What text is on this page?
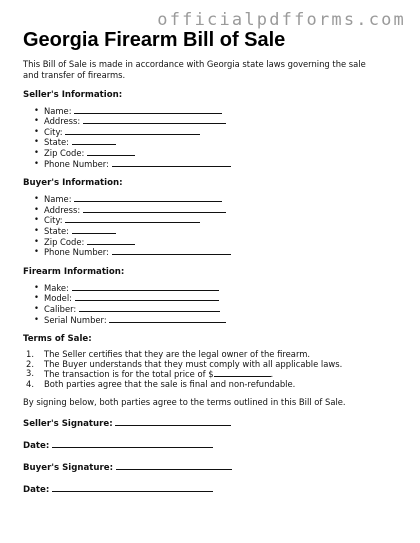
officialpdfforms.com
Georgia Firearm Bill of Sale
This Bill of Sale is made in accordance with Georgia state laws governing the sale and transfer of firearms.
Seller's Information:
• Name:
• Address:
• City:
• State:
• Zip Code:
• Phone Number:
Buyer's Information:
• Name:
• Address:
• City:
• State:
• Zip Code:
• Phone Number:
Firearm Information:
• Make:
• Model:
• Caliber:
• Serial Number:
Terms of Sale:
1. The Seller certifies that they are the legal owner of the firearm.
2. The Buyer understands that they must comply with all applicable laws.
3. The transaction is for the total price of $	.
4. Both parties agree that the sale is final and non-refundable.
By signing below, both parties agree to the terms outlined in this Bill of Sale.
Seller's Signature:
Date:
Buyer's Signature:
Date:
